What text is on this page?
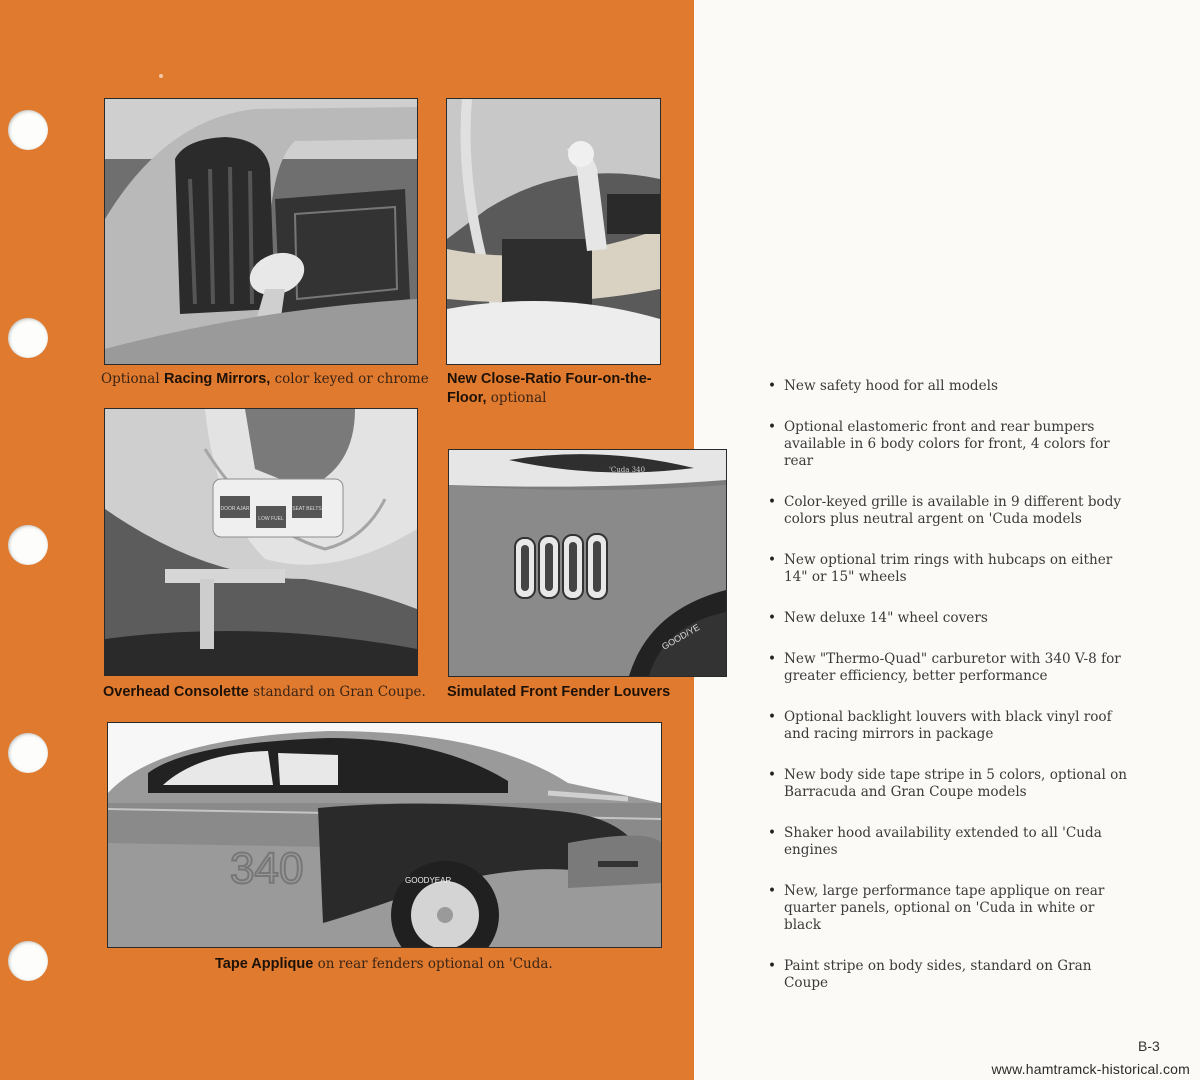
Optional Racing Mirrors, color keyed or chrome New Close-Ratio Four-on-the-Floor, optional
DOOR AJAR
LOW FUEL
SEAT BELTS
Overhead Consolette standard on Gran Coupe.
'Cuda 340
GOOD/YE
Simulated Front Fender Louvers
340	GOODYEAR
Tape Applique on rear fenders optional on 'Cuda.
• New safety hood for all models
• Optional elastomeric front and rear bumpers available in 6 body colors for front, 4 colors for rear
• Color-keyed grille is available in 9 different body colors plus neutral argent on 'Cuda models
• New optional trim rings with hubcaps on either 14" or 15" wheels
• New deluxe 14" wheel covers
• New "Thermo-Quad" carburetor with 340 V-8 for greater efficiency, better performance
• Optional backlight louvers with black vinyl roof and racing mirrors in package
• New body side tape stripe in 5 colors, optional on Barracuda and Gran Coupe models
• Shaker hood availability extended to all 'Cuda engines
• New, large performance tape applique on rear quarter panels, optional on 'Cuda in white or black
• Paint stripe on body sides, standard on Gran Coupe
B-3
www.hamtramck-historical.com
